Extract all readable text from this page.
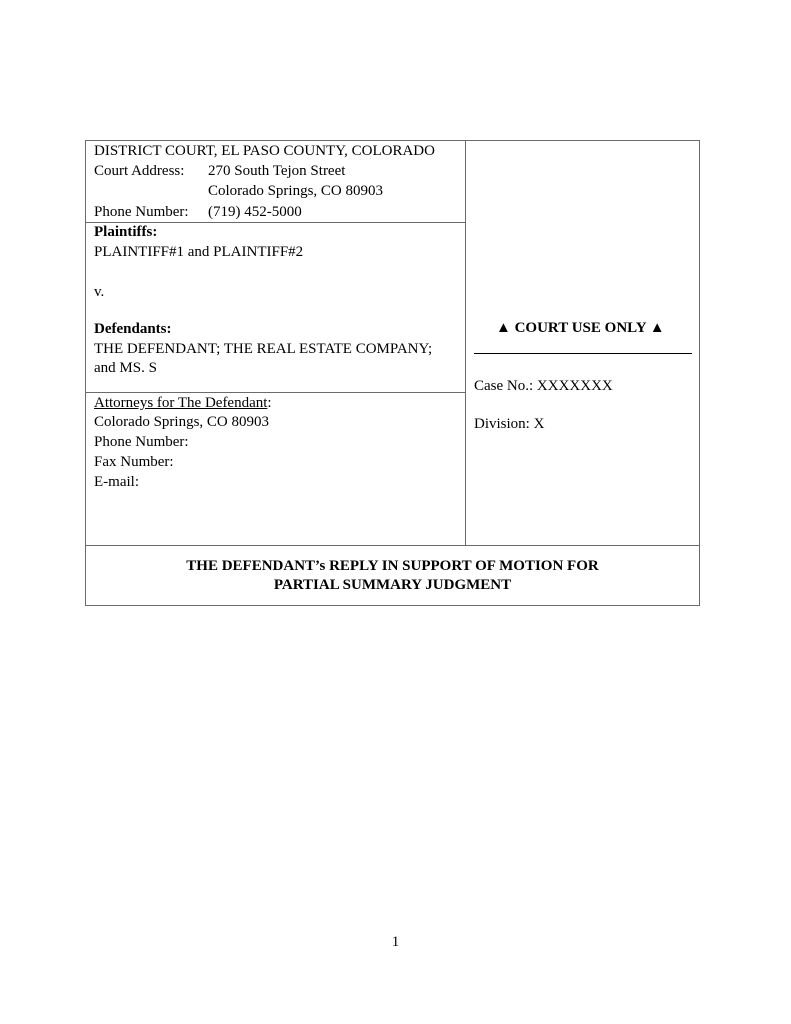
DISTRICT COURT, EL PASO COUNTY, COLORADO
Court Address: 270 South Tejon Street
Colorado Springs, CO 80903
Phone Number: (719) 452-5000
Plaintiffs:
PLAINTIFF#1 and PLAINTIFF#2
v.
Defendants:
THE DEFENDANT; THE REAL ESTATE COMPANY;
and MS. S
Attorneys for The Defendant:
Colorado Springs, CO 80903
Phone Number:
Fax Number:
E-mail:
▲ COURT USE ONLY ▲
Case No.: XXXXXXX
Division: X
THE DEFENDANT’s REPLY IN SUPPORT OF MOTION FOR
PARTIAL SUMMARY JUDGMENT
1
